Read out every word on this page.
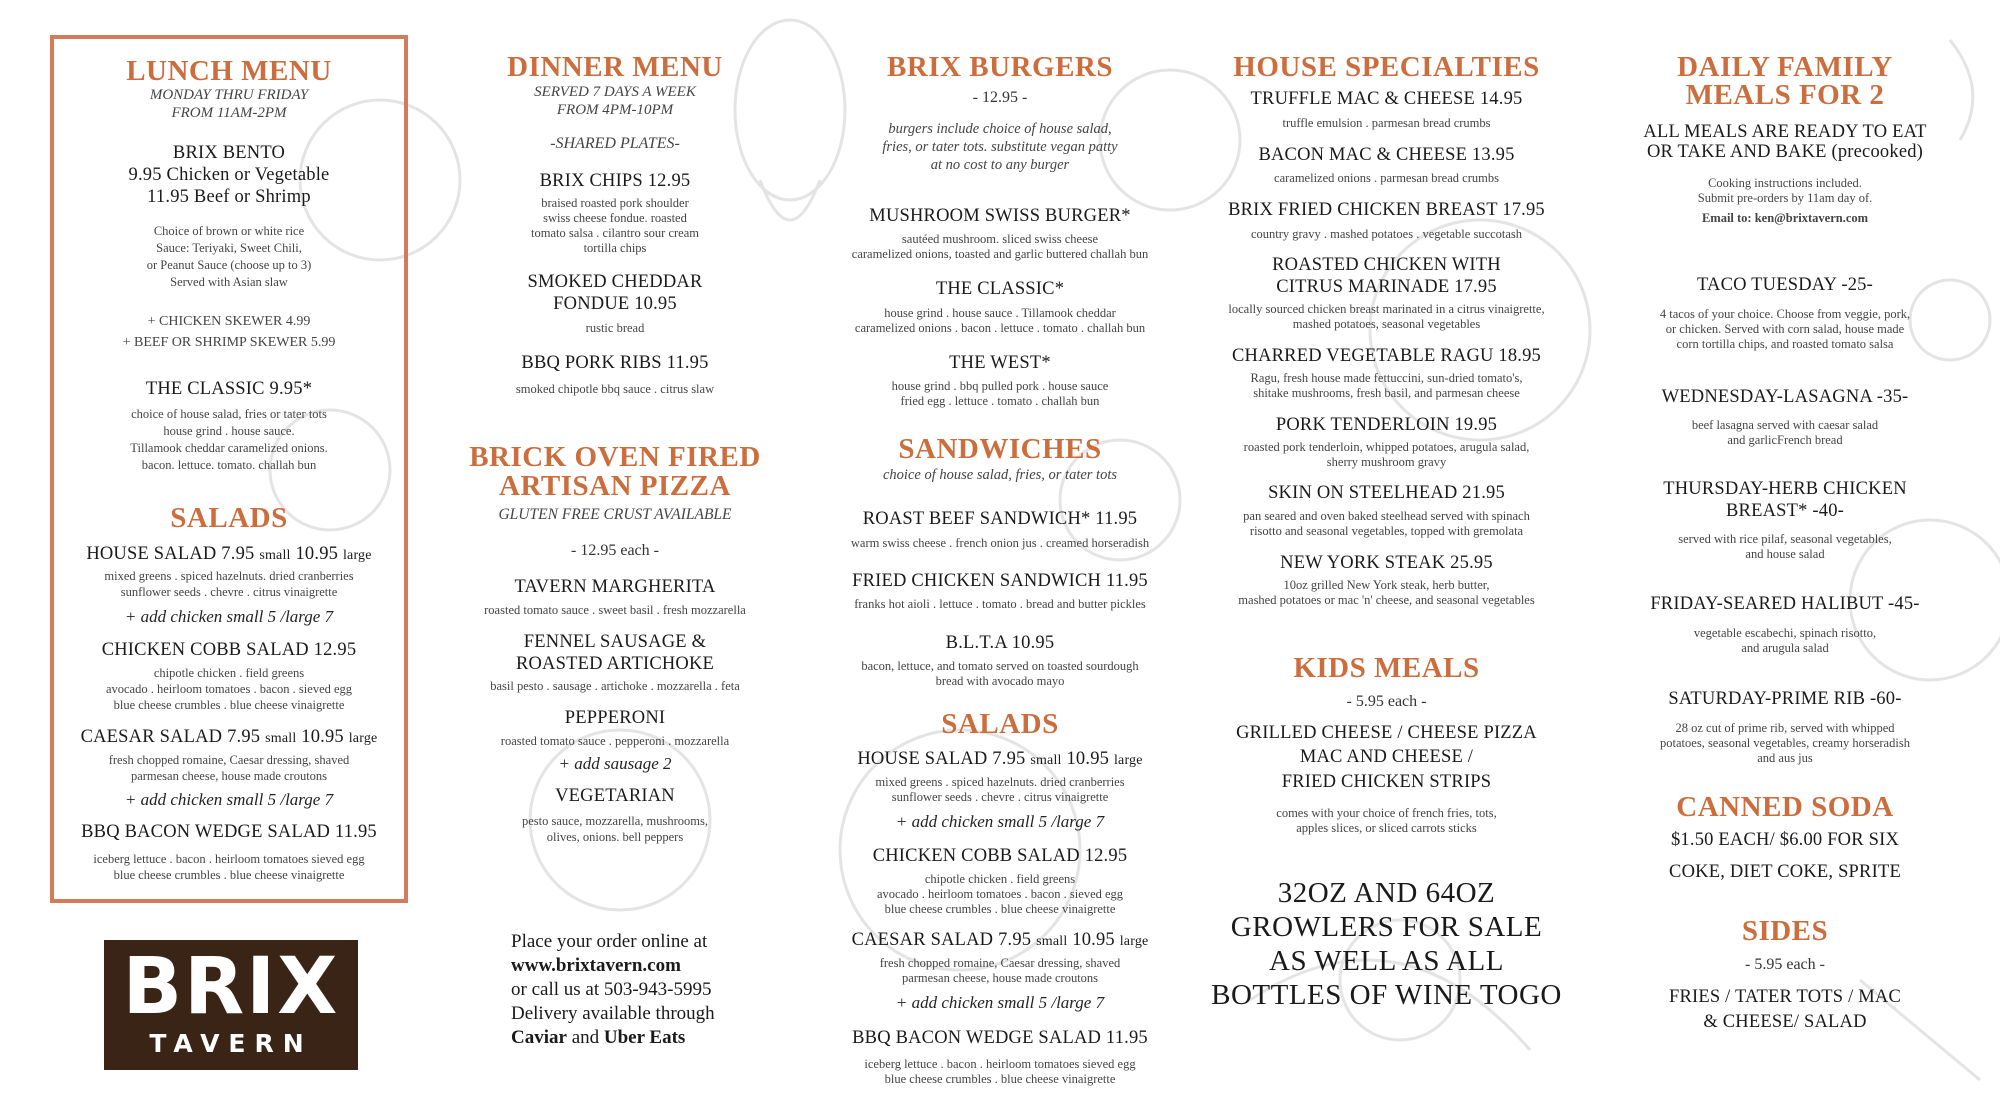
LUNCH MENU
MONDAY THRU FRIDAY
FROM 11AM-2PM
BRIX BENTO
9.95 Chicken or Vegetable
11.95 Beef or Shrimp
Choice of brown or white rice
Sauce: Teriyaki, Sweet Chili,
or Peanut Sauce (choose up to 3)
Served with Asian slaw
+ CHICKEN SKEWER 4.99
+ BEEF OR SHRIMP SKEWER 5.99
THE CLASSIC 9.95*
choice of house salad, fries or tater tots
house grind . house sauce.
Tillamook cheddar caramelized onions.
bacon. lettuce. tomato. challah bun
SALADS
HOUSE SALAD 7.95 small 10.95 large
mixed greens . spiced hazelnuts. dried cranberries
sunflower seeds . chevre . citrus vinaigrette
+ add chicken small 5 /large 7
CHICKEN COBB SALAD 12.95
chipotle chicken . field greens
avocado . heirloom tomatoes . bacon . sieved egg
blue cheese crumbles . blue cheese vinaigrette
CAESAR SALAD 7.95 small 10.95 large
fresh chopped romaine, Caesar dressing, shaved
parmesan cheese, house made croutons
+ add chicken small 5 /large 7
BBQ BACON WEDGE SALAD 11.95
iceberg lettuce . bacon . heirloom tomatoes sieved egg
blue cheese crumbles . blue cheese vinaigrette
BRIX
TAVERN
DINNER MENU
SERVED 7 DAYS A WEEK
FROM 4PM-10PM
-SHARED PLATES-
BRIX CHIPS 12.95
braised roasted pork shoulder
swiss cheese fondue. roasted
tomato salsa . cilantro sour cream
tortilla chips
SMOKED CHEDDAR
FONDUE 10.95
rustic bread
BBQ PORK RIBS 11.95
smoked chipotle bbq sauce . citrus slaw
BRICK OVEN FIRED
ARTISAN PIZZA
GLUTEN FREE CRUST AVAILABLE
- 12.95 each -
TAVERN MARGHERITA
roasted tomato sauce . sweet basil . fresh mozzarella
FENNEL SAUSAGE &
ROASTED ARTICHOKE
basil pesto . sausage . artichoke . mozzarella . feta
PEPPERONI
roasted tomato sauce . pepperoni . mozzarella
+ add sausage 2
VEGETARIAN
pesto sauce, mozzarella, mushrooms,
olives, onions. bell peppers
Place your order online at
www.brixtavern.com
or call us at 503-943-5995
Delivery available through
Caviar and Uber Eats
BRIX BURGERS
- 12.95 -
burgers include choice of house salad,
fries, or tater tots. substitute vegan patty
at no cost to any burger
MUSHROOM SWISS BURGER*
sautéed mushroom. sliced swiss cheese
caramelized onions, toasted and garlic buttered challah bun
THE CLASSIC*
house grind . house sauce . Tillamook cheddar
caramelized onions . bacon . lettuce . tomato . challah bun
THE WEST*
house grind . bbq pulled pork . house sauce
fried egg . lettuce . tomato . challah bun
SANDWICHES
choice of house salad, fries, or tater tots
ROAST BEEF SANDWICH* 11.95
warm swiss cheese . french onion jus . creamed horseradish
FRIED CHICKEN SANDWICH 11.95
franks hot aioli . lettuce . tomato . bread and butter pickles
B.L.T.A 10.95
bacon, lettuce, and tomato served on toasted sourdough
bread with avocado mayo
SALADS
HOUSE SALAD 7.95 small 10.95 large
mixed greens . spiced hazelnuts. dried cranberries
sunflower seeds . chevre . citrus vinaigrette
+ add chicken small 5 /large 7
CHICKEN COBB SALAD 12.95
chipotle chicken . field greens
avocado . heirloom tomatoes . bacon . sieved egg
blue cheese crumbles . blue cheese vinaigrette
CAESAR SALAD 7.95 small 10.95 large
fresh chopped romaine, Caesar dressing, shaved
parmesan cheese, house made croutons
+ add chicken small 5 /large 7
BBQ BACON WEDGE SALAD 11.95
iceberg lettuce . bacon . heirloom tomatoes sieved egg
blue cheese crumbles . blue cheese vinaigrette
HOUSE SPECIALTIES
TRUFFLE MAC & CHEESE 14.95
truffle emulsion . parmesan bread crumbs
BACON MAC & CHEESE 13.95
caramelized onions . parmesan bread crumbs
BRIX FRIED CHICKEN BREAST 17.95
country gravy . mashed potatoes . vegetable succotash
ROASTED CHICKEN WITH
CITRUS MARINADE 17.95
locally sourced chicken breast marinated in a citrus vinaigrette,
mashed potatoes, seasonal vegetables
CHARRED VEGETABLE RAGU 18.95
Ragu, fresh house made fettuccini, sun-dried tomato's,
shitake mushrooms, fresh basil, and parmesan cheese
PORK TENDERLOIN 19.95
roasted pork tenderloin, whipped potatoes, arugula salad,
sherry mushroom gravy
SKIN ON STEELHEAD 21.95
pan seared and oven baked steelhead served with spinach
risotto and seasonal vegetables, topped with gremolata
NEW YORK STEAK 25.95
10oz grilled New York steak, herb butter,
mashed potatoes or mac 'n' cheese, and seasonal vegetables
KIDS MEALS
- 5.95 each -
GRILLED CHEESE / CHEESE PIZZA
MAC AND CHEESE /
FRIED CHICKEN STRIPS
comes with your choice of french fries, tots,
apples slices, or sliced carrots sticks
32OZ AND 64OZ
GROWLERS FOR SALE
AS WELL AS ALL
BOTTLES OF WINE TOGO
DAILY FAMILY
MEALS FOR 2
ALL MEALS ARE READY TO EAT
OR TAKE AND BAKE (precooked)
Cooking instructions included.
Submit pre-orders by 11am day of.
Email to: ken@brixtavern.com
TACO TUESDAY -25-
4 tacos of your choice. Choose from veggie, pork,
or chicken. Served with corn salad, house made
corn tortilla chips, and roasted tomato salsa
WEDNESDAY-LASAGNA -35-
beef lasagna served with caesar salad
and garlicFrench bread
THURSDAY-HERB CHICKEN
BREAST* -40-
served with rice pilaf, seasonal vegetables,
and house salad
FRIDAY-SEARED HALIBUT -45-
vegetable escabechi, spinach risotto,
and arugula salad
SATURDAY-PRIME RIB -60-
28 oz cut of prime rib, served with whipped
potatoes, seasonal vegetables, creamy horseradish
and aus jus
CANNED SODA
$1.50 EACH/ $6.00 FOR SIX
COKE, DIET COKE, SPRITE
SIDES
- 5.95 each -
FRIES / TATER TOTS / MAC
& CHEESE/ SALAD
